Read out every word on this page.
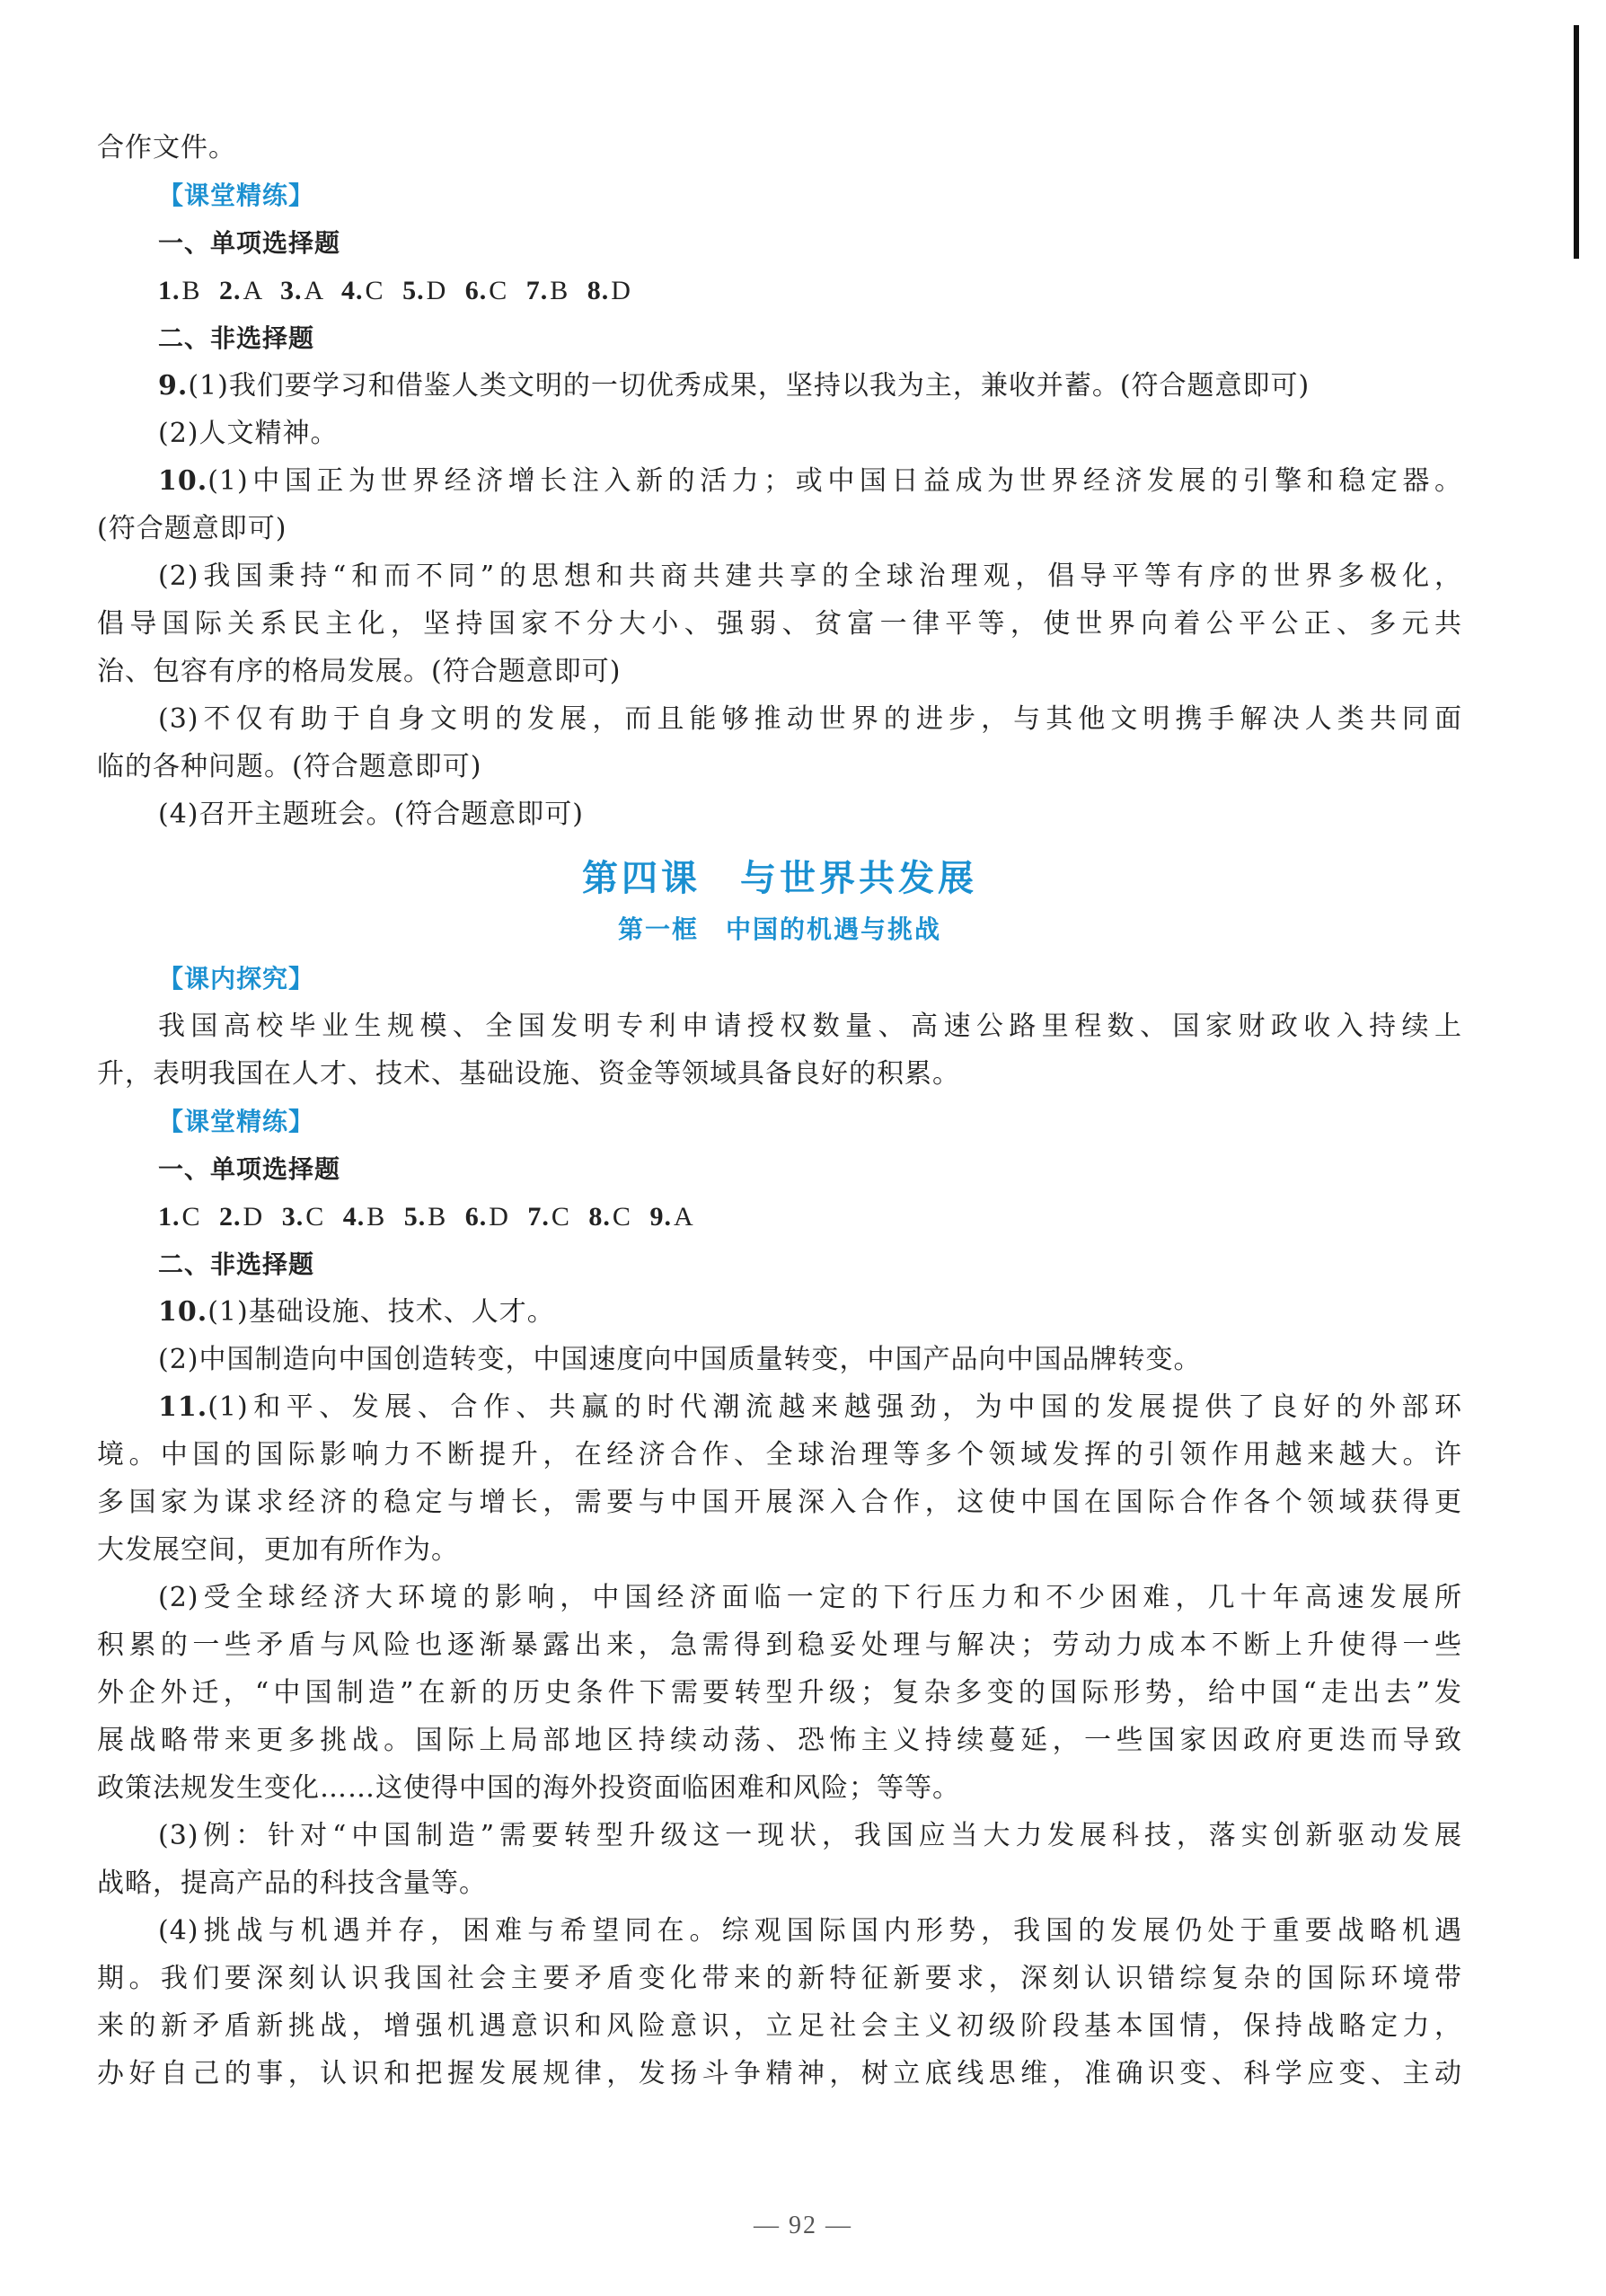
合作文件。
【课堂精练】
一、单项选择题
1.B 2.A 3.A 4.C 5.D 6.C 7.B 8.D
二、非选择题
9.(1)我们要学习和借鉴人类文明的一切优秀成果，坚持以我为主，兼收并蓄。(符合题意即可)
(2)人文精神。
10.(1)中国正为世界经济增长注入新的活力；或中国日益成为世界经济发展的引擎和稳定器。
(符合题意即可)
(2)我国秉持“和而不同”的思想和共商共建共享的全球治理观，倡导平等有序的世界多极化，
倡导国际关系民主化，坚持国家不分大小、强弱、贫富一律平等，使世界向着公平公正、多元共
治、包容有序的格局发展。(符合题意即可)
(3)不仅有助于自身文明的发展，而且能够推动世界的进步，与其他文明携手解决人类共同面
临的各种问题。(符合题意即可)
(4)召开主题班会。(符合题意即可)
第四课　与世界共发展
第一框　中国的机遇与挑战
【课内探究】
我国高校毕业生规模、全国发明专利申请授权数量、高速公路里程数、国家财政收入持续上
升，表明我国在人才、技术、基础设施、资金等领域具备良好的积累。
【课堂精练】
一、单项选择题
1.C 2.D 3.C 4.B 5.B 6.D 7.C 8.C 9.A
二、非选择题
10.(1)基础设施、技术、人才。
(2)中国制造向中国创造转变，中国速度向中国质量转变，中国产品向中国品牌转变。
11.(1)和平、发展、合作、共赢的时代潮流越来越强劲，为中国的发展提供了良好的外部环
境。中国的国际影响力不断提升，在经济合作、全球治理等多个领域发挥的引领作用越来越大。许
多国家为谋求经济的稳定与增长，需要与中国开展深入合作，这使中国在国际合作各个领域获得更
大发展空间，更加有所作为。
(2)受全球经济大环境的影响，中国经济面临一定的下行压力和不少困难，几十年高速发展所
积累的一些矛盾与风险也逐渐暴露出来，急需得到稳妥处理与解决；劳动力成本不断上升使得一些
外企外迁，“中国制造”在新的历史条件下需要转型升级；复杂多变的国际形势，给中国“走出去”发
展战略带来更多挑战。国际上局部地区持续动荡、恐怖主义持续蔓延，一些国家因政府更迭而导致
政策法规发生变化……这使得中国的海外投资面临困难和风险；等等。
(3)例：针对“中国制造”需要转型升级这一现状，我国应当大力发展科技，落实创新驱动发展
战略，提高产品的科技含量等。
(4)挑战与机遇并存，困难与希望同在。综观国际国内形势，我国的发展仍处于重要战略机遇
期。我们要深刻认识我国社会主要矛盾变化带来的新特征新要求，深刻认识错综复杂的国际环境带
来的新矛盾新挑战，增强机遇意识和风险意识，立足社会主义初级阶段基本国情，保持战略定力，
办好自己的事，认识和把握发展规律，发扬斗争精神，树立底线思维，准确识变、科学应变、主动
— 92 —
